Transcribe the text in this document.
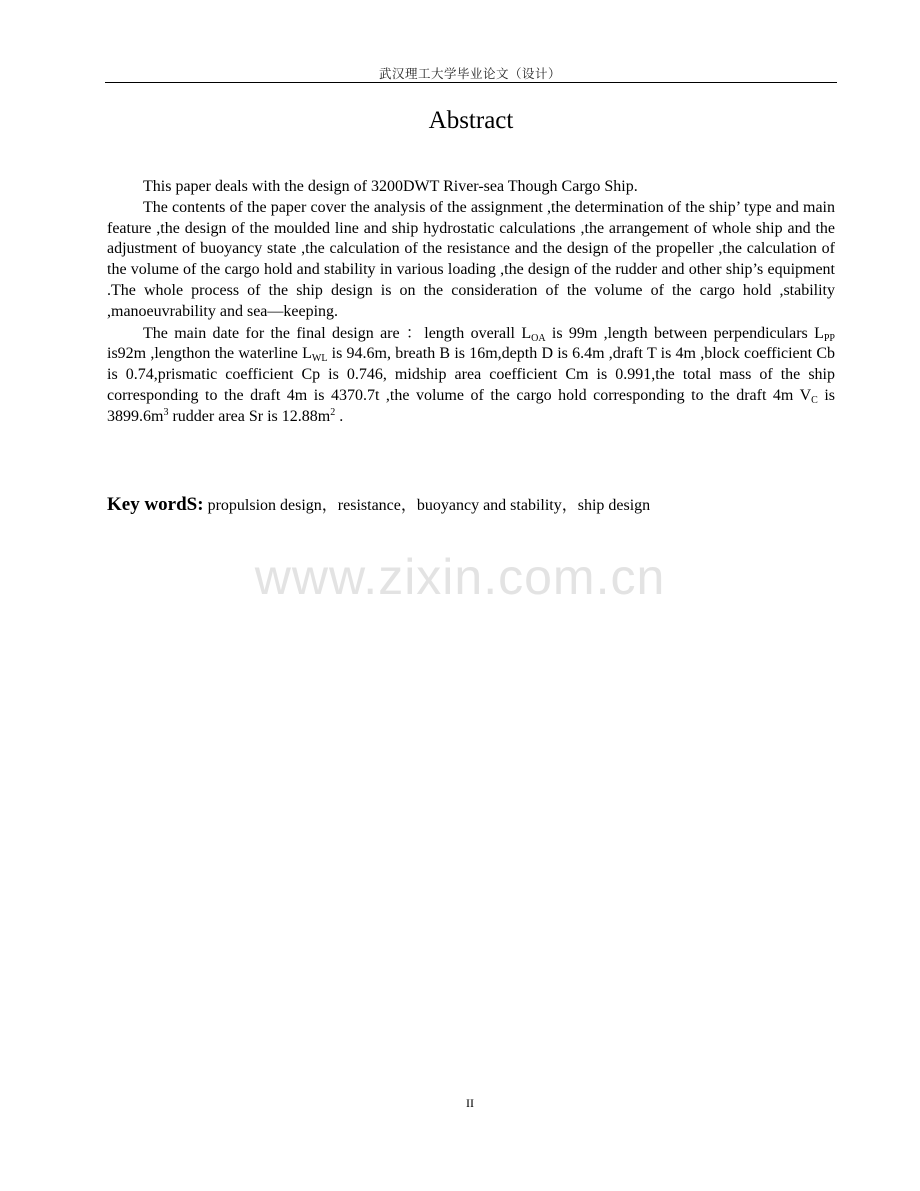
武汉理工大学毕业论文（设计）
Abstract

This paper deals with the design of 3200DWT River-sea Though Cargo Ship.

The contents of the paper cover the analysis of the assignment ,the determination of the ship’ type and main feature ,the design of the moulded line and ship hydrostatic calculations ,the arrangement of whole ship and the adjustment of buoyancy state ,the calculation of the resistance and the design of the propeller ,the calculation of the volume of the cargo hold and stability in various loading ,the design of the rudder and other ship’s equipment .The whole process of the ship design is on the consideration of the volume of the cargo hold ,stability ,manoeuvrability and sea—keeping.

The main date for the final design are ：length overall $L_{OA}$ is 99m ,length between perpendiculars $L_{PP}$ is92m ,lengthon the waterline $L_{WL}$ is 94.6m, breath B is 16m,depth D is 6.4m ,draft T is 4m ,block coefficient Cb is 0.74,prismatic coefficient Cp is 0.746, midship area coefficient Cm is 0.991,the total mass of the ship corresponding to the draft 4m is 4370.7t ,the volume of the cargo hold corresponding to the draft 4m $V_C$ is $3899.6m^3$ rudder area Sr is $12.88m^2$ .

Key wordS: propulsion design，resistance，buoyancy and stability，ship design
www.zixin.com.cn
II
